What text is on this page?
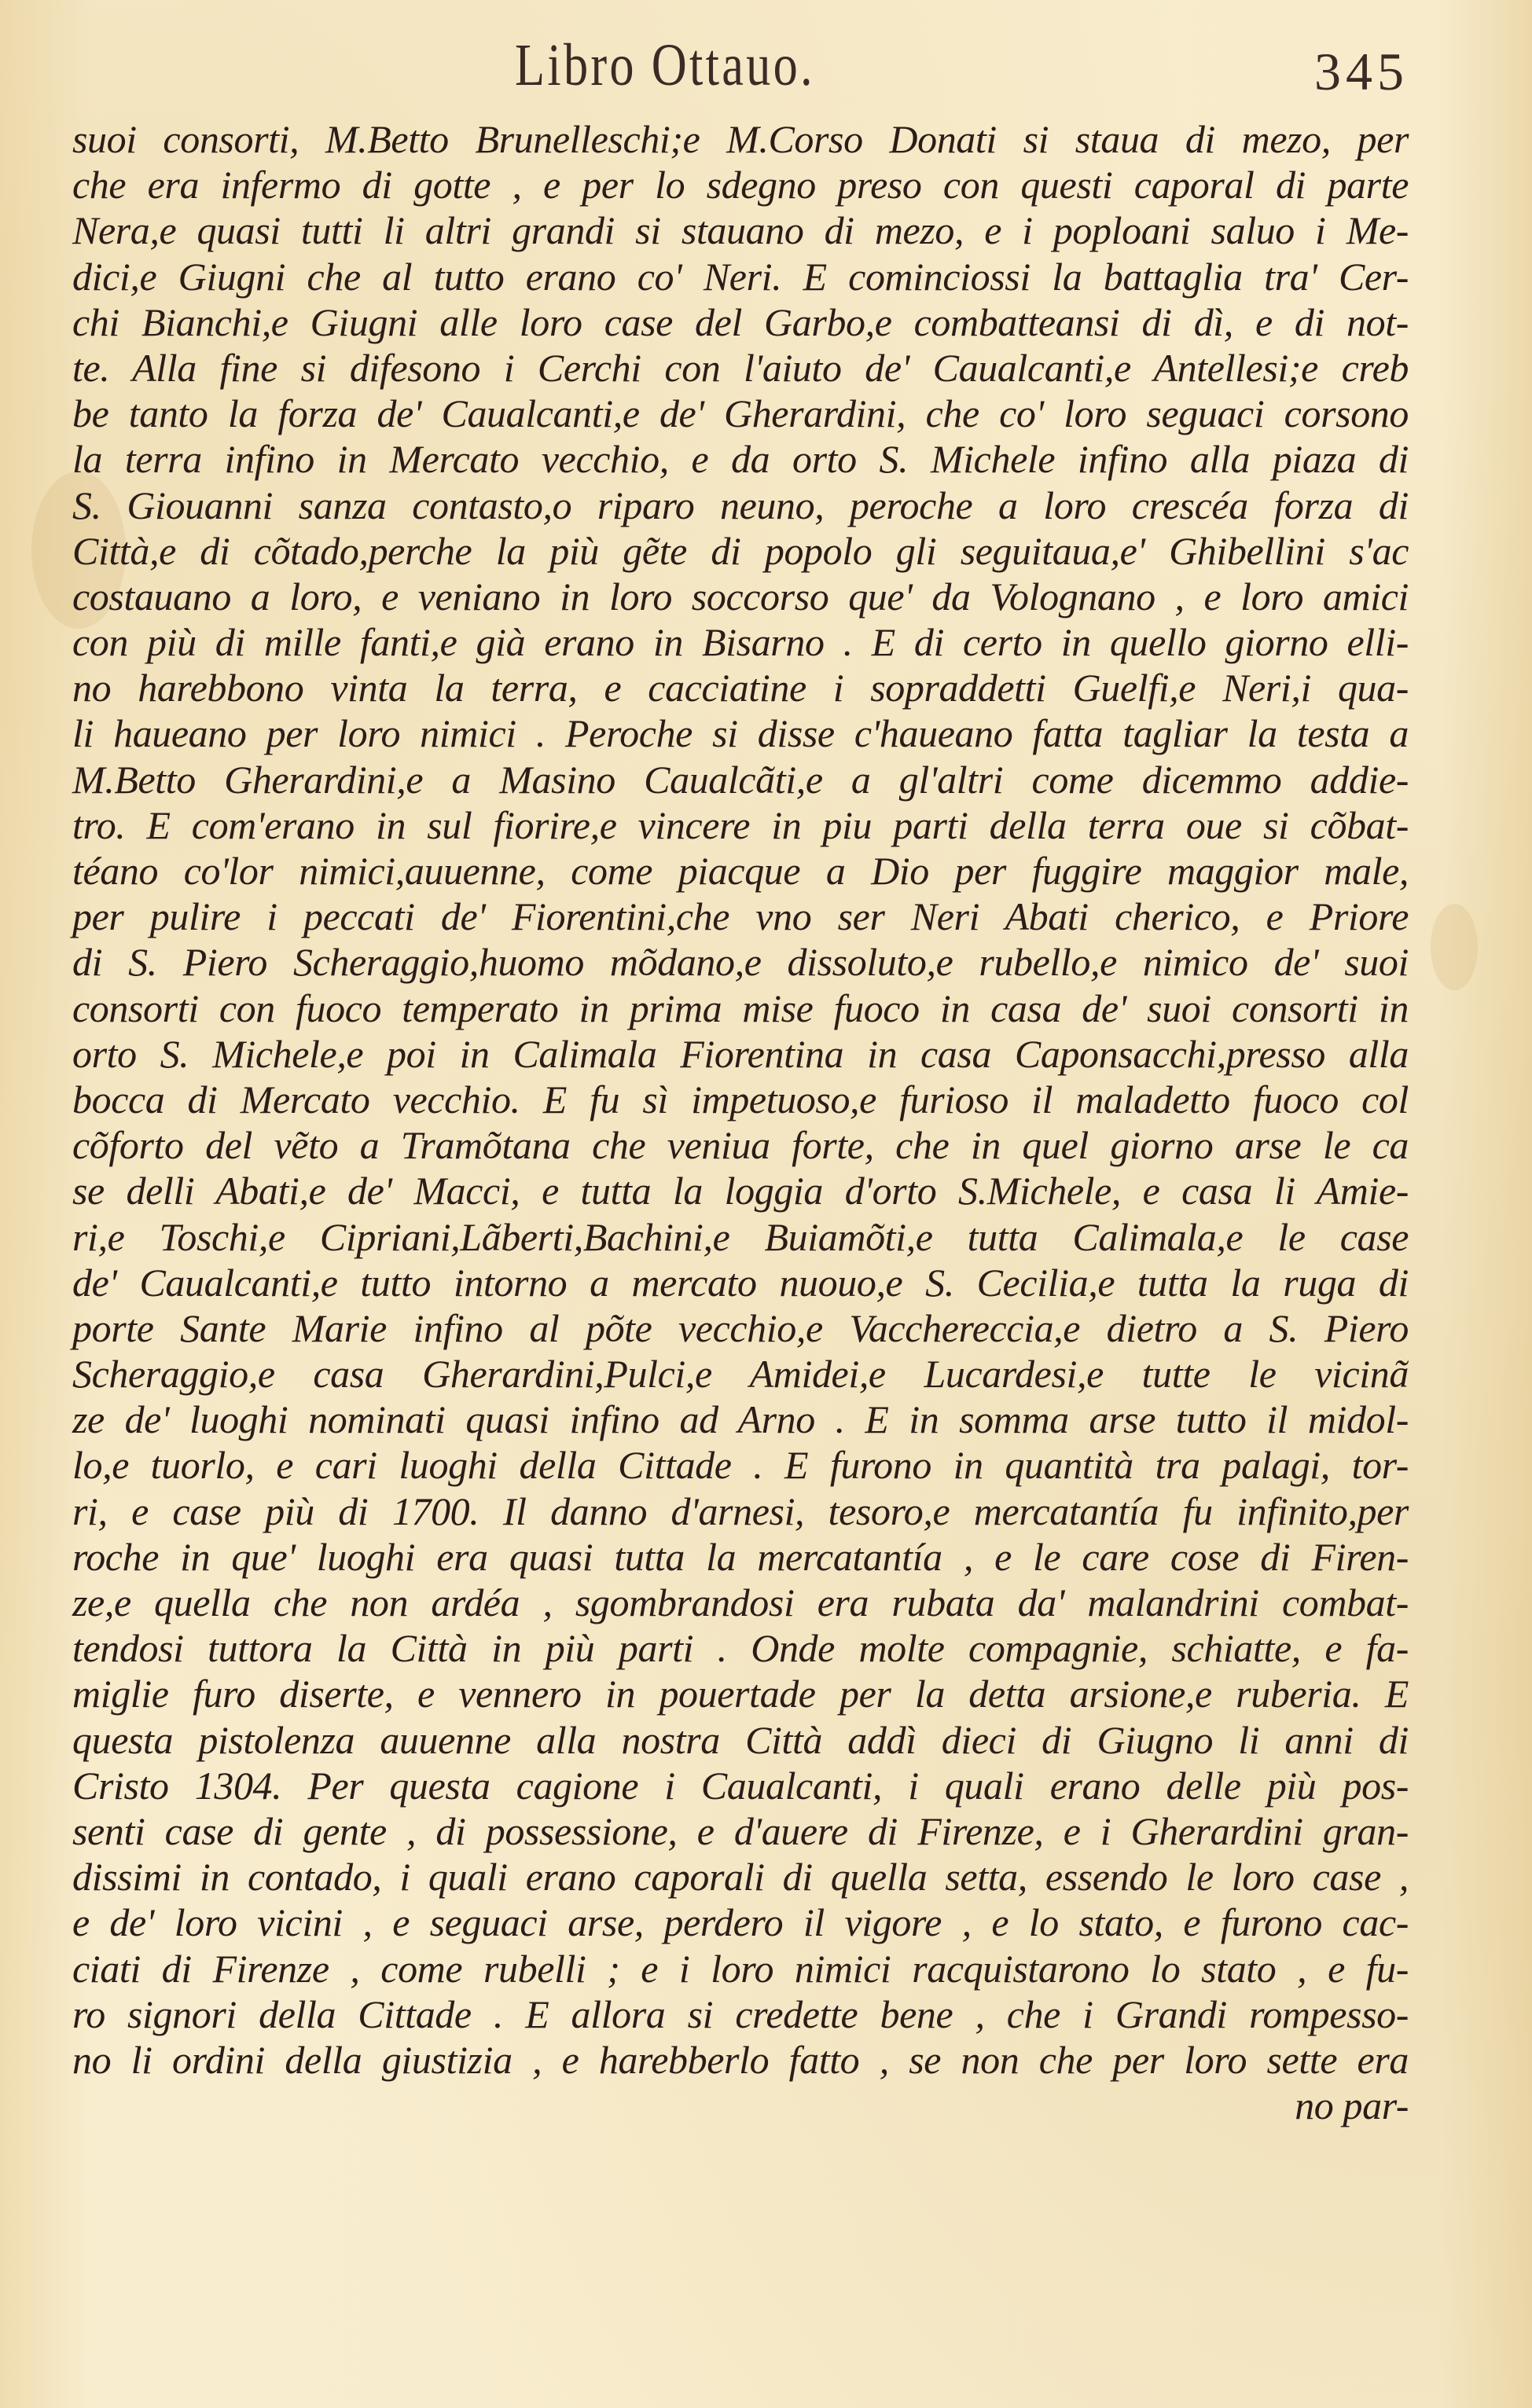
Libro Ottauo.	345
suoi consorti, M.Betto Brunelleschi;e M.Corso Donati si staua di mezo, per
che era infermo di gotte , e per lo sdegno preso con questi caporal di parte
Nera,e quasi tutti li altri grandi si stauano di mezo, e i poploani saluo i Me-
dici,e Giugni che al tutto erano co' Neri. E cominciossi la battaglia tra' Cer-
chi Bianchi,e Giugni alle loro case del Garbo,e combatteansi di dì, e di not-
te. Alla fine si difesono i Cerchi con l'aiuto de' Caualcanti,e Antellesi;e creb
be tanto la forza de' Caualcanti,e de' Gherardini, che co' loro seguaci corsono
la terra infino in Mercato vecchio, e da orto S. Michele infino alla piaza di
S. Giouanni sanza contasto,o riparo neuno, peroche a loro crescéa forza di
Città,e di cõtado,perche la più gẽte di popolo gli seguitaua,e' Ghibellini s'ac
costauano a loro, e veniano in loro soccorso que' da Volognano , e loro amici
con più di mille fanti,e già erano in Bisarno . E di certo in quello giorno elli-
no harebbono vinta la terra, e cacciatine i sopraddetti Guelfi,e Neri,i qua-
li haueano per loro nimici . Peroche si disse c'haueano fatta tagliar la testa a
M.Betto Gherardini,e a Masino Caualcãti,e a gl'altri come dicemmo addie-
tro. E com'erano in sul fiorire,e vincere in piu parti della terra oue si cõbat-
téano co'lor nimici,auuenne, come piacque a Dio per fuggire maggior male,
per pulire i peccati de' Fiorentini,che vno ser Neri Abati cherico, e Priore
di S. Piero Scheraggio,huomo mõdano,e dissoluto,e rubello,e nimico de' suoi
consorti con fuoco temperato in prima mise fuoco in casa de' suoi consorti in
orto S. Michele,e poi in Calimala Fiorentina in casa Caponsacchi,presso alla
bocca di Mercato vecchio. E fu sì impetuoso,e furioso il maladetto fuoco col
cõforto del vẽto a Tramõtana che veniua forte, che in quel giorno arse le ca
se delli Abati,e de' Macci, e tutta la loggia d'orto S.Michele, e casa li Amie-
ri,e Toschi,e Cipriani,Lãberti,Bachini,e Buiamõti,e tutta Calimala,e le case
de' Caualcanti,e tutto intorno a mercato nuouo,e S. Cecilia,e tutta la ruga di
porte Sante Marie infino al põte vecchio,e Vacchereccia,e dietro a S. Piero
Scheraggio,e casa Gherardini,Pulci,e Amidei,e Lucardesi,e tutte le vicinã
ze de' luoghi nominati quasi infino ad Arno . E in somma arse tutto il midol-
lo,e tuorlo, e cari luoghi della Cittade . E furono in quantità tra palagi, tor-
ri, e case più di 1700. Il danno d'arnesi, tesoro,e mercatantía fu infinito,per
roche in que' luoghi era quasi tutta la mercatantía , e le care cose di Firen-
ze,e quella che non ardéa , sgombrandosi era rubata da' malandrini combat-
tendosi tuttora la Città in più parti . Onde molte compagnie, schiatte, e fa-
miglie furo diserte, e vennero in pouertade per la detta arsione,e ruberia. E
questa pistolenza auuenne alla nostra Città addì dieci di Giugno li anni di
Cristo 1304. Per questa cagione i Caualcanti, i quali erano delle più pos-
senti case di gente , di possessione, e d'auere di Firenze, e i Gherardini gran-
dissimi in contado, i quali erano caporali di quella setta, essendo le loro case ,
e de' loro vicini , e seguaci arse, perdero il vigore , e lo stato, e furono cac-
ciati di Firenze , come rubelli ; e i loro nimici racquistarono lo stato , e fu-
ro signori della Cittade . E allora si credette bene , che i Grandi rompesso-
no li ordini della giustizia , e harebberlo fatto , se non che per loro sette era
no par-
